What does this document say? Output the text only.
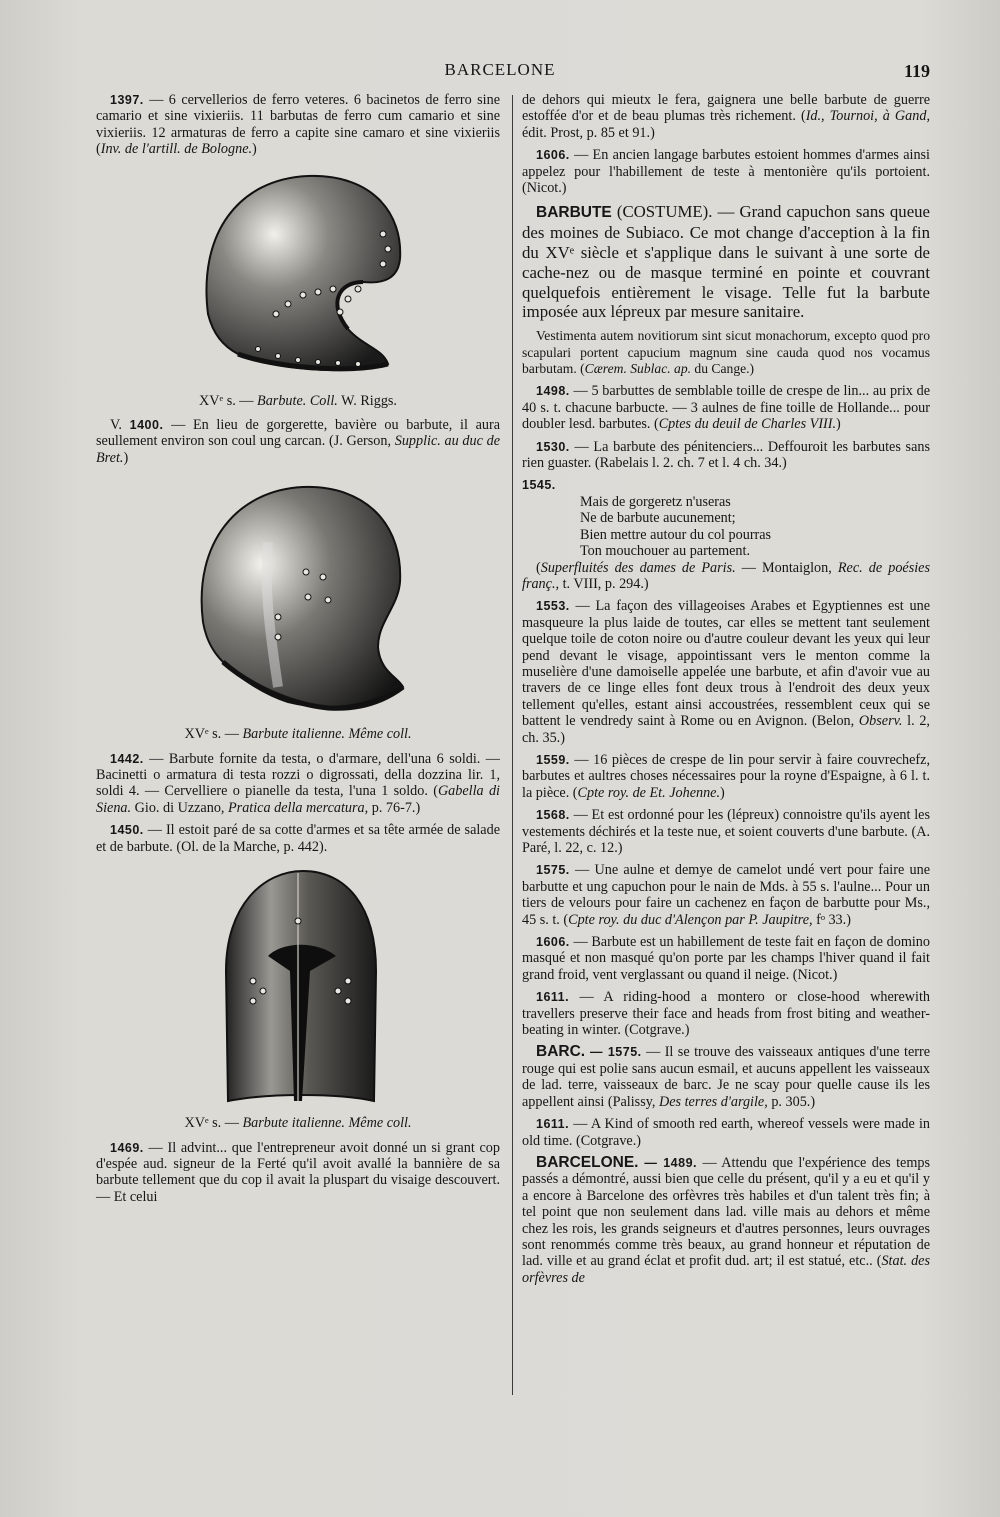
BARCELONE	119

1397. — 6 cervellerios de ferro veteres. 6 bacinetos de ferro sine camario et sine vixieriis. 11 barbutas de ferro cum camario et sine vixieriis. 12 armaturas de ferro a capite sine camaro et sine vixieriis (Inv. de l'artill. de Bologne.)

XVᵉ s. — Barbute. Coll. W. Riggs.

V. 1400. — En lieu de gorgerette, bavière ou barbute, il aura seullement environ son coul ung carcan. (J. Gerson, Supplic. au duc de Bret.)

XVᵉ s. — Barbute italienne. Même coll.

1442. — Barbute fornite da testa, o d'armare, dell'una 6 soldi. — Bacinetti o armatura di testa rozzi o digrossati, della dozzina lir. 1, soldi 4. — Cervelliere o pianelle da testa, l'una 1 soldo. (Gabella di Siena. Gio. di Uzzano, Pratica della mercatura, p. 76-7.)

1450. — Il estoit paré de sa cotte d'armes et sa tête armée de salade et de barbute. (Ol. de la Marche, p. 442).

XVᵉ s. — Barbute italienne. Même coll.

1469. — Il advint... que l'entrepreneur avoit donné un si grant cop d'espée aud. signeur de la Ferté qu'il avoit avallé la bannière de sa barbute tellement que du cop il avait la pluspart du visaige descouvert. — Et celui

de dehors qui mieutx le fera, gaignera une belle barbute de guerre estoffée d'or et de beau plumas très richement. (Id., Tournoi, à Gand, édit. Prost, p. 85 et 91.)

1606. — En ancien langage barbutes estoient hommes d'armes ainsi appelez pour l'habillement de teste à mentonière qu'ils portoient. (Nicot.)

BARBUTE (COSTUME). — Grand capuchon sans queue des moines de Subiaco. Ce mot change d'acception à la fin du XVᵉ siècle et s'applique dans le suivant à une sorte de cache-nez ou de masque terminé en pointe et couvrant quelquefois entièrement le visage. Telle fut la barbute imposée aux lépreux par mesure sanitaire.

Vestimenta autem novitiorum sint sicut monachorum, excepto quod pro scapulari portent capucium magnum sine cauda quod nos vocamus barbutam. (Cærem. Sublac. ap. du Cange.)

1498. — 5 barbuttes de semblable toille de crespe de lin... au prix de 40 s. t. chacune barbucte. — 3 aulnes de fine toille de Hollande... pour doubler lesd. barbutes. (Cptes du deuil de Charles VIII.)

1530. — La barbute des pénitenciers... Deffouroit les barbutes sans rien guaster. (Rabelais l. 2. ch. 7 et l. 4 ch. 34.)

1545.
Mais de gorgeretz n'useras
Ne de barbute aucunement;
Bien mettre autour du col pourras
Ton mouchouer au partement.
(Superfluités des dames de Paris. — Montaiglon, Rec. de poésies franç., t. VIII, p. 294.)

1553. — La façon des villageoises Arabes et Egyptiennes est une masqueure la plus laide de toutes, car elles se mettent tant seulement quelque toile de coton noire ou d'autre couleur devant les yeux qui leur pend devant le visage, appointissant vers le menton comme la muselière d'une damoiselle appelée une barbute, et afin d'avoir vue au travers de ce linge elles font deux trous à l'endroit des deux yeux tellement qu'elles, estant ainsi accoustrées, ressemblent ceux qui se battent le vendredy saint à Rome ou en Avignon. (Belon, Observ. l. 2, ch. 35.)

1559. — 16 pièces de crespe de lin pour servir à faire couvrechefz, barbutes et aultres choses nécessaires pour la royne d'Espaigne, à 6 l. t. la pièce. (Cpte roy. de Et. Johenne.)

1568. — Et est ordonné pour les (lépreux) connoistre qu'ils ayent les vestements déchirés et la teste nue, et soient couverts d'une barbute. (A. Paré, l. 22, c. 12.)

1575. — Une aulne et demye de camelot undé vert pour faire une barbutte et ung capuchon pour le nain de Mds. à 55 s. l'aulne... Pour un tiers de velours pour faire un cachenez en façon de barbutte pour Ms., 45 s. t. (Cpte roy. du duc d'Alençon par P. Jaupitre, fᵒ 33.)

1606. — Barbute est un habillement de teste fait en façon de domino masqué et non masqué qu'on porte par les champs l'hiver quand il fait grand froid, vent verglassant ou quand il neige. (Nicot.)

1611. — A riding-hood a montero or close-hood wherewith travellers preserve their face and heads from frost biting and weather-beating in winter. (Cotgrave.)

BARC. — 1575. — Il se trouve des vaisseaux antiques d'une terre rouge qui est polie sans aucun esmail, et aucuns appellent les vaisseaux de lad. terre, vaisseaux de barc. Je ne scay pour quelle cause ils les appellent ainsi (Palissy, Des terres d'argile, p. 305.)

1611. — A Kind of smooth red earth, whereof vessels were made in old time. (Cotgrave.)

BARCELONE. — 1489. — Attendu que l'expérience des temps passés a démontré, aussi bien que celle du présent, qu'il y a eu et qu'il y a encore à Barcelone des orfèvres très habiles et d'un talent très fin; à tel point que non seulement dans lad. ville mais au dehors et même chez les rois, les grands seigneurs et d'autres personnes, leurs ouvrages sont renommés comme très beaux, au grand honneur et réputation de lad. ville et au grand éclat et profit dud. art; il est statué, etc.. (Stat. des orfèvres de
